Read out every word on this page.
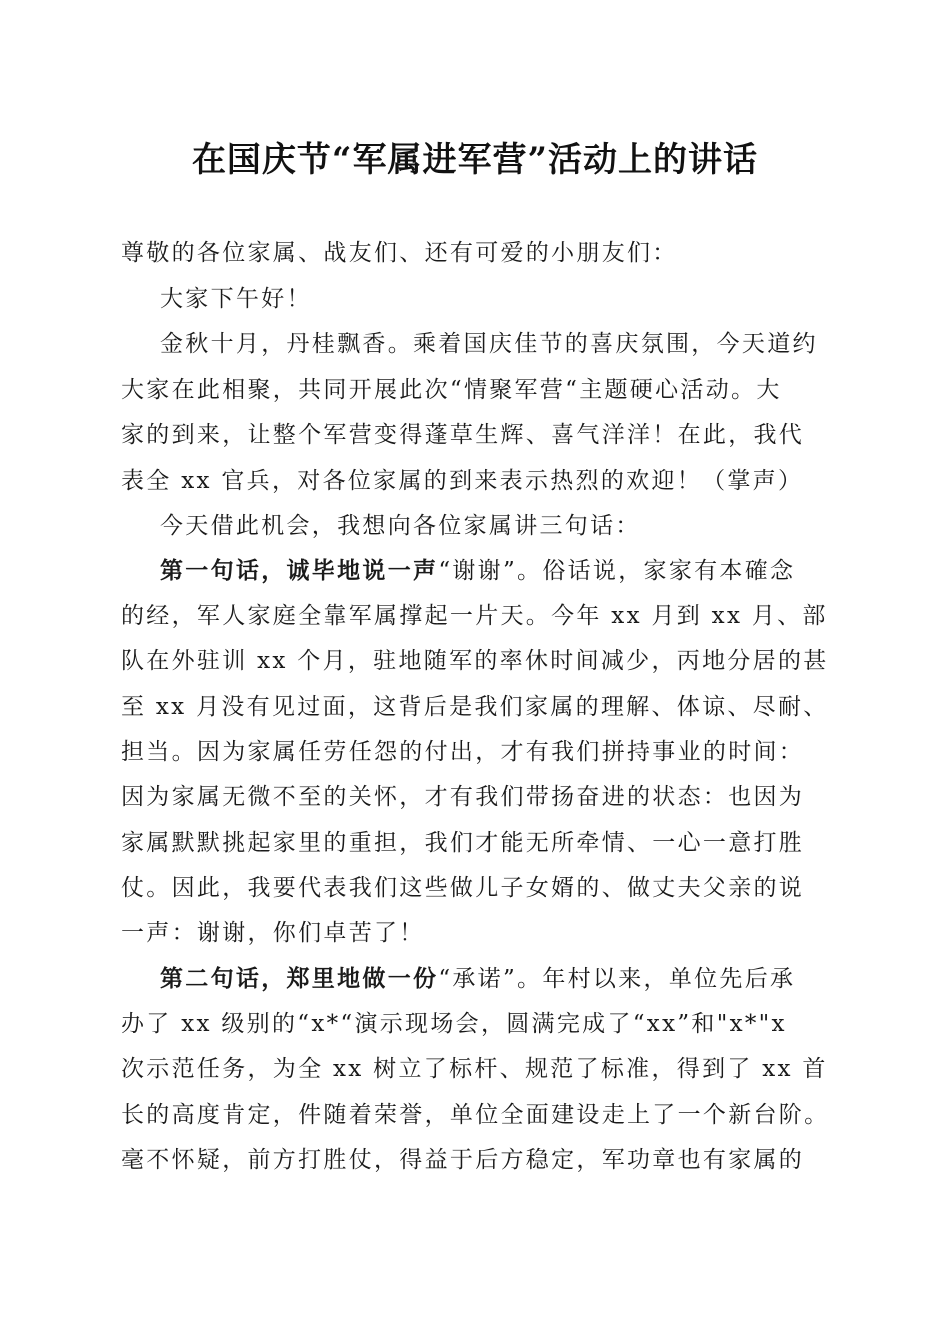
在国庆节“军属进军营”活动上的讲话
尊敬的各位家属、战友们、还有可爱的小朋友们：
大家下午好！
金秋十月，丹桂飘香。乘着国庆佳节的喜庆氛围，今天道约
大家在此相聚，共同开展此次“情聚军营“主题硬心活动。大
家的到来，让整个军营变得蓬草生辉、喜气洋洋！在此，我代
表全 xx 官兵，对各位家属的到来表示热烈的欢迎！（掌声）
今天借此机会，我想向各位家属讲三句话：
第一句话，诚毕地说一声“谢谢”。俗话说，家家有本確念
的经，军人家庭全靠军属撑起一片天。今年 xx 月到 xx 月、部
队在外驻训 xx 个月，驻地随军的率休时间减少，丙地分居的甚
至 xx 月没有见过面，这背后是我们家属的理解、体谅、尽耐、
担当。因为家属任劳任怨的付出，才有我们拼持事业的时间：
因为家属无微不至的关怀，才有我们带扬奋进的状态：也因为
家属默默挑起家里的重担，我们才能无所牵情、一心一意打胜
仗。因此，我要代表我们这些做儿子女婿的、做丈夫父亲的说
一声：谢谢，你们卓苦了！
第二句话，郑里地做一份“承诺”。年村以来，单位先后承
办了 xx 级别的“x*“演示现场会，圆满完成了“xx”和"x*"x
次示范任务，为全 xx 树立了标杆、规范了标准，得到了 xx 首
长的高度肯定，件随着荣誉，单位全面建设走上了一个新台阶。
毫不怀疑，前方打胜仗，得益于后方稳定，军功章也有家属的
